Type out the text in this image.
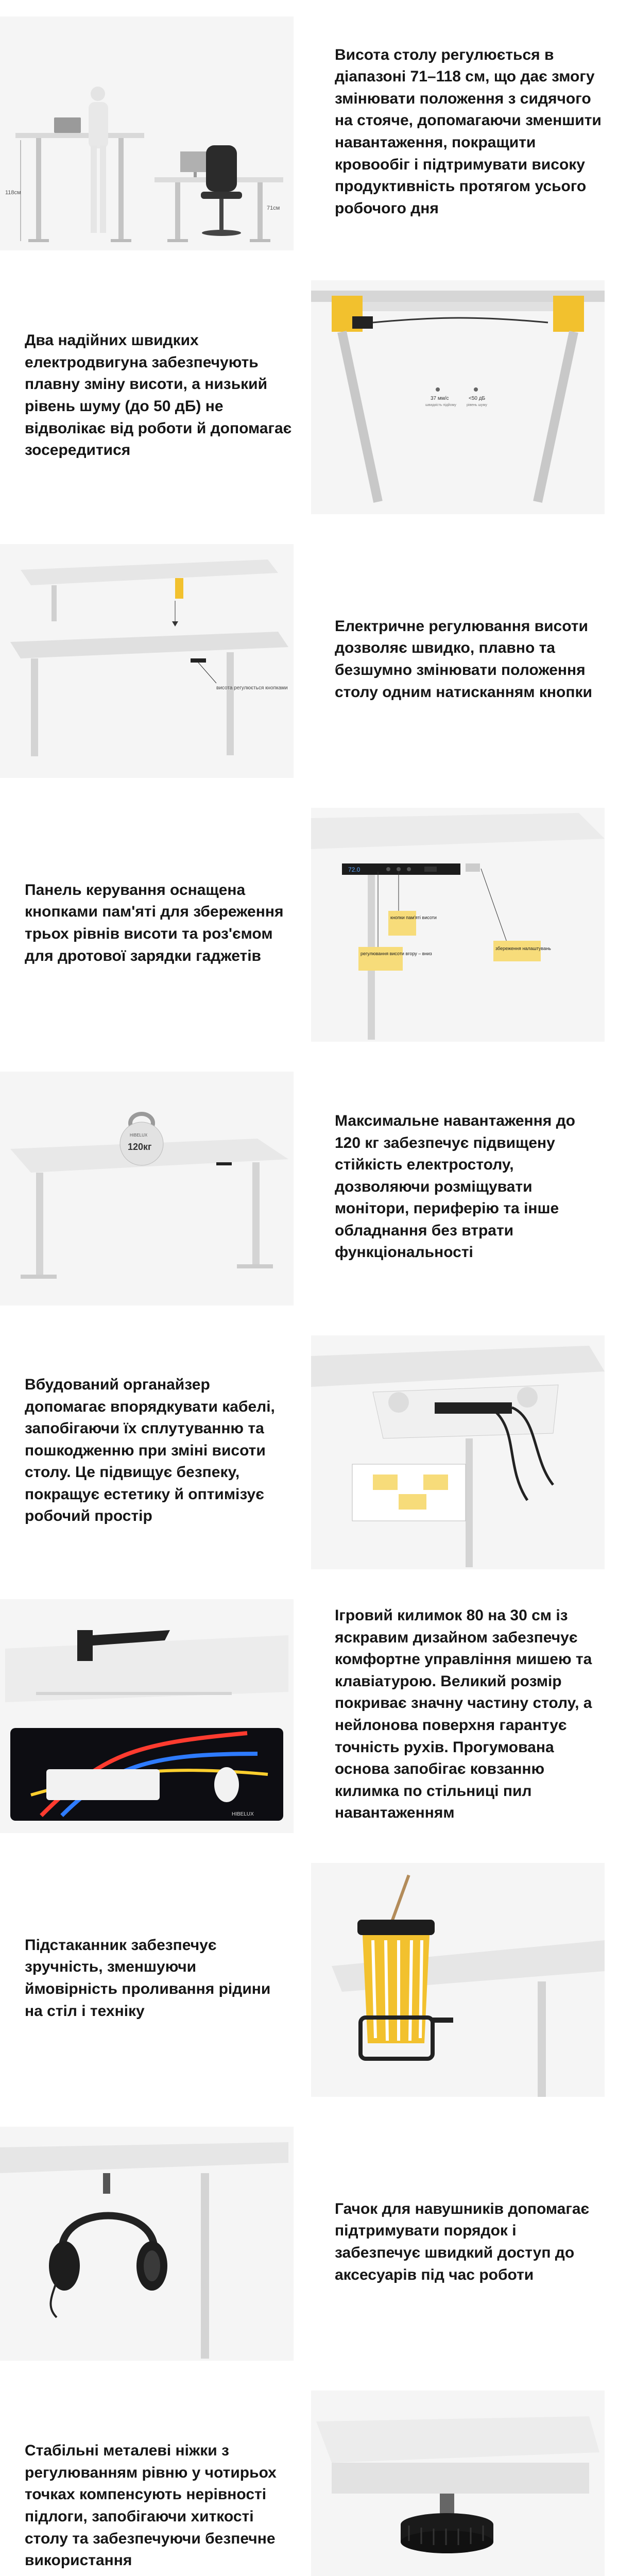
118см
71см

Висота столу регулюється в діапазоні 71–118 см, що дає змогу змінювати положення з сидячого на стояче, допомагаючи зменшити навантаження, покращити кровообіг і підтримувати високу продуктивність протягом усього робочого дня

37 мм/с
швидкість підйому
<50 дБ
рівень шуму

Два надійних швидких електродвигуна забезпечують плавну зміну висоти, а низький рівень шуму (до 50 дБ) не відволікає від роботи й допомагає зосередитися

висота регулюється кнопками

Електричне регулювання висоти дозволяє швидко, плавно та безшумно змінювати положення столу одним натисканням кнопки

72.0
кнопки пам'яті висоти
регулювання висоти вгору – вниз
збереження налаштувань

Панель керування оснащена кнопками пам'яті для збереження трьох рівнів висоти та роз'ємом для дротової зарядки гаджетів

HIBELUX
120кг

Максимальне навантаження до 120 кг забезпечує підвищену стійкість електростолу, дозволяючи розміщувати монітори, периферію та інше обладнання без втрати функціональності

Вбудований органайзер допомагає впорядкувати кабелі, запобігаючи їх сплутуванню та пошкодженню при зміні висоти столу. Це підвищує безпеку, покращує естетику й оптимізує робочий простір

HIBELUX

Ігровий килимок 80 на 30 см із яскравим дизайном забезпечує комфортне управління мишею та клавіатурою. Великий розмір покриває значну частину столу, а нейлонова поверхня гарантує точність рухів. Прогумована основа запобігає ковзанню килимка по стільниці пил навантаженням

Підстаканник забезпечує зручність, зменшуючи ймовірність проливання рідини на стіл і техніку

Гачок для навушників допомагає підтримувати порядок і забезпечує швидкий доступ до аксесуарів під час роботи

Стабільні металеві ніжки з регулюванням рівню у чотирьох точках компенсують нерівності підлоги, запобігаючи хиткості столу та забезпечуючи безпечне використання
